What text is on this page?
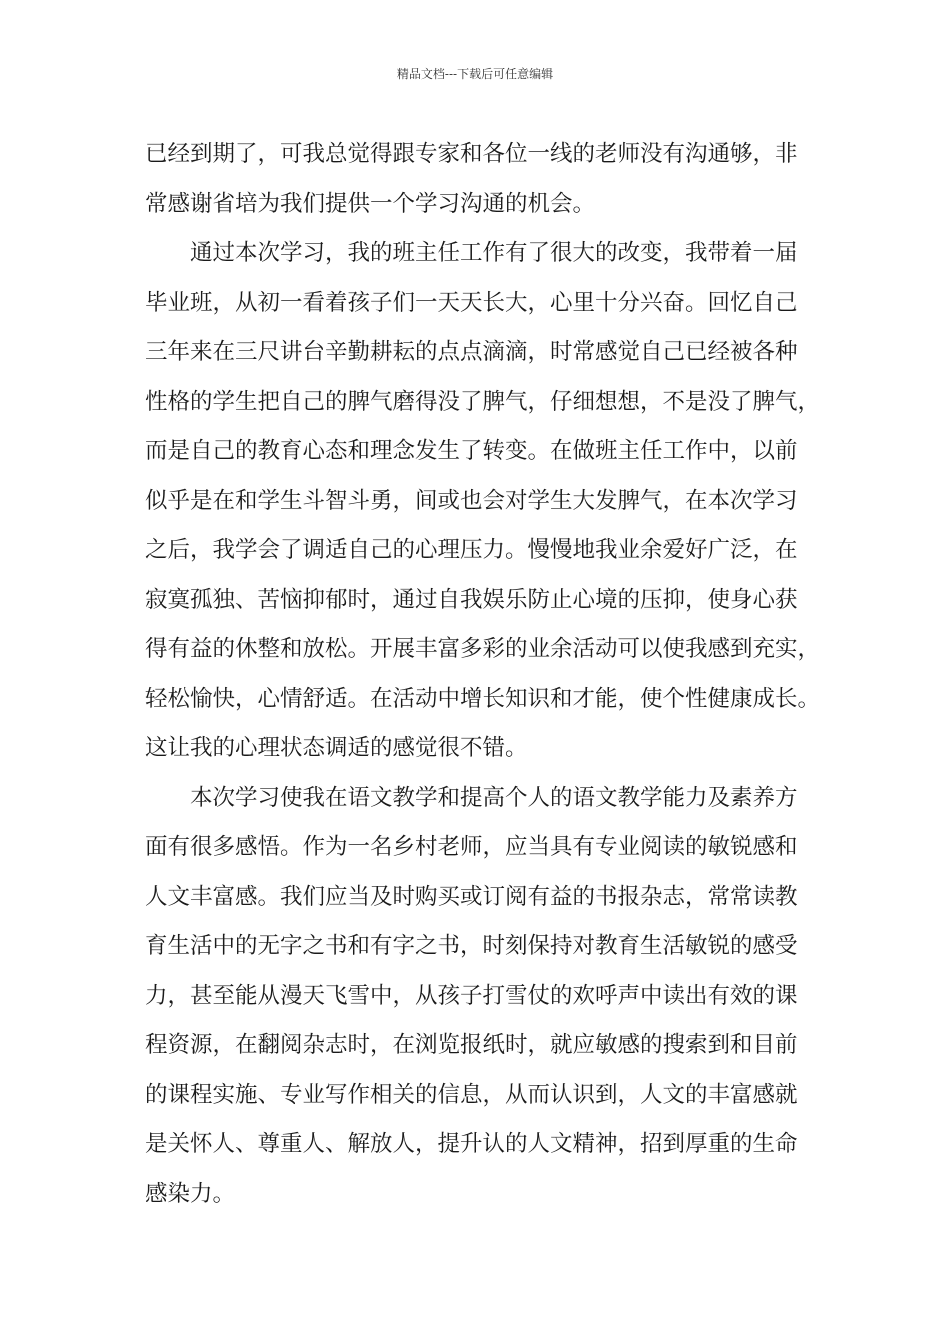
精品文档---下载后可任意编辑
已经到期了，可我总觉得跟专家和各位一线的老师没有沟通够，非
常感谢省培为我们提供一个学习沟通的机会。
通过本次学习，我的班主任工作有了很大的改变，我带着一届
毕业班，从初一看着孩子们一天天长大，心里十分兴奋。回忆自己
三年来在三尺讲台辛勤耕耘的点点滴滴，时常感觉自己已经被各种
性格的学生把自己的脾气磨得没了脾气，仔细想想，不是没了脾气，
而是自己的教育心态和理念发生了转变。在做班主任工作中，以前
似乎是在和学生斗智斗勇，间或也会对学生大发脾气，在本次学习
之后，我学会了调适自己的心理压力。慢慢地我业余爱好广泛，在
寂寞孤独、苦恼抑郁时，通过自我娱乐防止心境的压抑，使身心获
得有益的休整和放松。开展丰富多彩的业余活动可以使我感到充实，
轻松愉快，心情舒适。在活动中增长知识和才能，使个性健康成长。
这让我的心理状态调适的感觉很不错。
本次学习使我在语文教学和提高个人的语文教学能力及素养方
面有很多感悟。作为一名乡村老师，应当具有专业阅读的敏锐感和
人文丰富感。我们应当及时购买或订阅有益的书报杂志，常常读教
育生活中的无字之书和有字之书，时刻保持对教育生活敏锐的感受
力，甚至能从漫天飞雪中，从孩子打雪仗的欢呼声中读出有效的课
程资源，在翻阅杂志时，在浏览报纸时，就应敏感的搜索到和目前
的课程实施、专业写作相关的信息，从而认识到，人文的丰富感就
是关怀人、尊重人、解放人，提升认的人文精神，招到厚重的生命
感染力。
